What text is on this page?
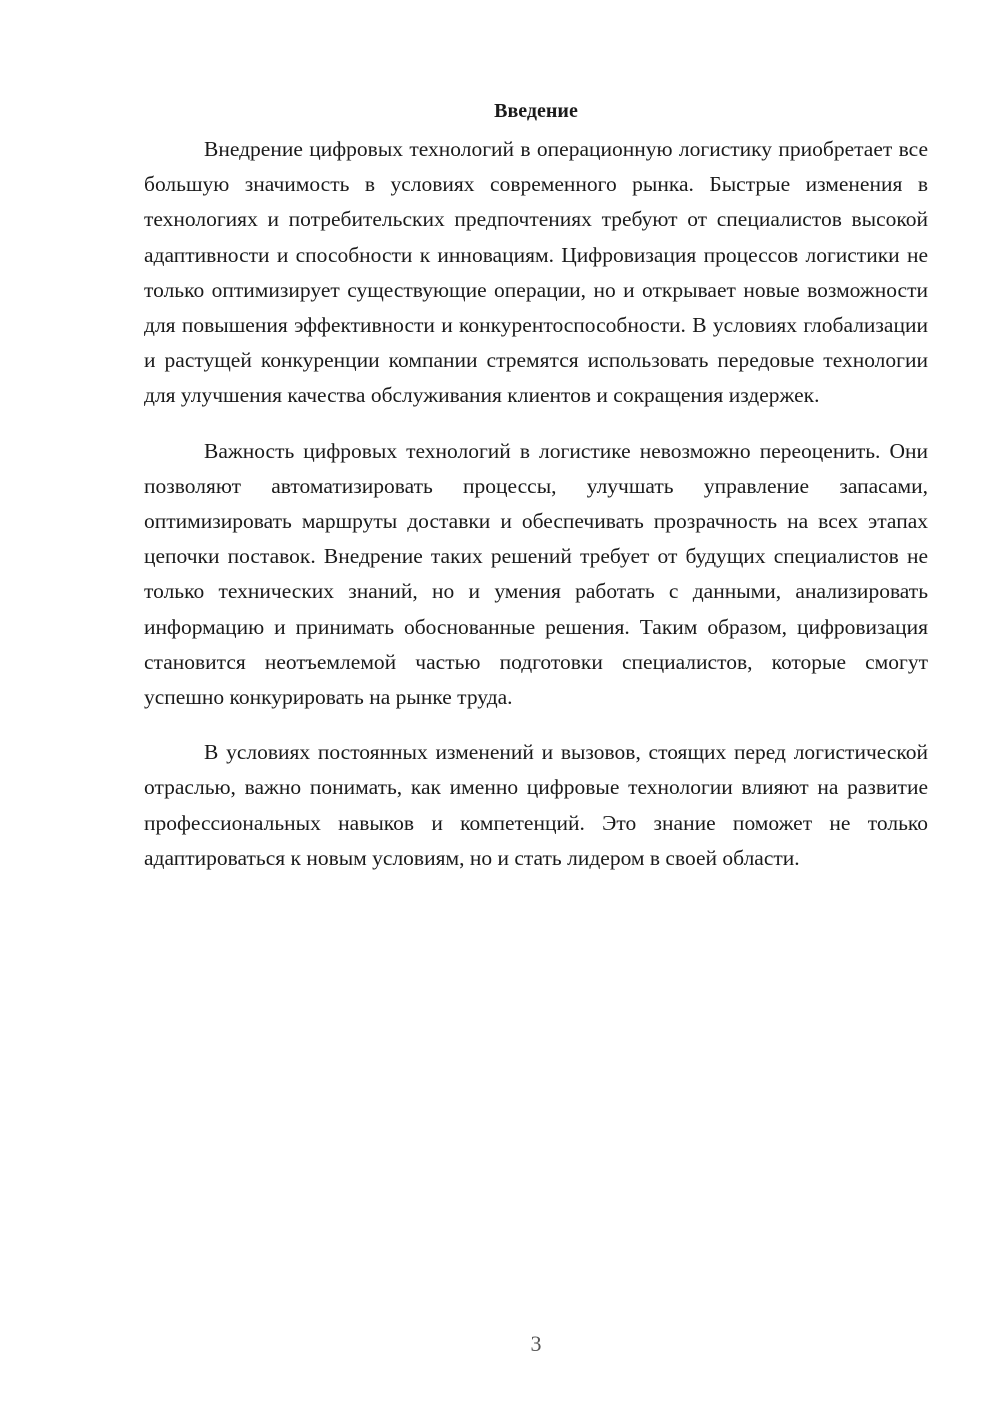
Введение

Внедрение цифровых технологий в операционную логистику приобретает все большую значимость в условиях современного рынка. Быстрые изменения в технологиях и потребительских предпочтениях требуют от специалистов высокой адаптивности и способности к инновациям. Цифровизация процессов логистики не только оптимизирует существующие операции, но и открывает новые возможности для повышения эффективности и конкурентоспособности. В условиях глобализации и растущей конкуренции компании стремятся использовать передовые технологии для улучшения качества обслуживания клиентов и сокращения издержек.

Важность цифровых технологий в логистике невозможно переоценить. Они позволяют автоматизировать процессы, улучшать управление запасами, оптимизировать маршруты доставки и обеспечивать прозрачность на всех этапах цепочки поставок. Внедрение таких решений требует от будущих специалистов не только технических знаний, но и умения работать с данными, анализировать информацию и принимать обоснованные решения. Таким образом, цифровизация становится неотъемлемой частью подготовки специалистов, которые смогут успешно конкурировать на рынке труда.

В условиях постоянных изменений и вызовов, стоящих перед логистической отраслью, важно понимать, как именно цифровые технологии влияют на развитие профессиональных навыков и компетенций. Это знание поможет не только адаптироваться к новым условиям, но и стать лидером в своей области.

3
